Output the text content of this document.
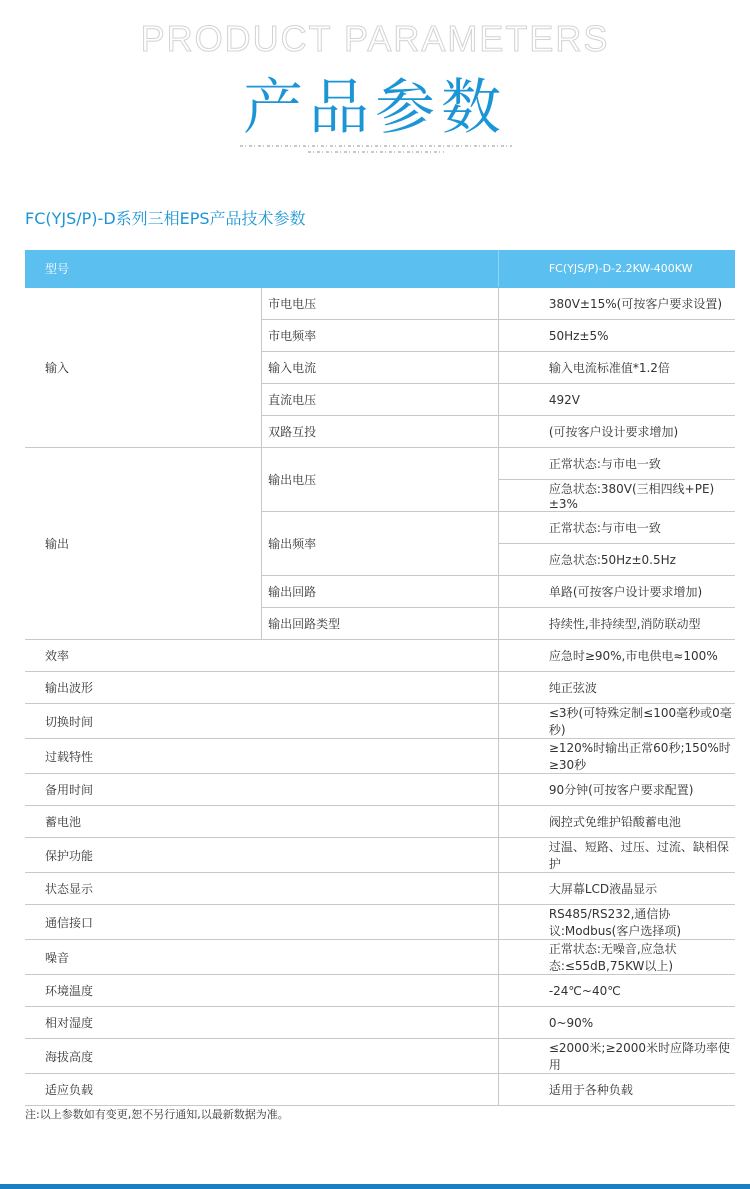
PRODUCT PARAMETERS
产品参数
FC(YJS/P)-D系列三相EPS产品技术参数
型号		FC(YJS/P)-D-2.2KW-400KW
输入	市电电压	380V±15%(可按客户要求设置)
	市电频率	50Hz±5%
	输入电流	输入电流标准值*1.2倍
	直流电压	492V
	双路互投	(可按客户设计要求增加)
输出	输出电压	正常状态:与市电一致
		应急状态:380V(三相四线+PE)±3%
	输出频率	正常状态:与市电一致
		应急状态:50Hz±0.5Hz
	输出回路	单路(可按客户设计要求增加)
	输出回路类型	持续性,非持续型,消防联动型
效率		应急时≥90%,市电供电≈100%
输出波形		纯正弦波
切换时间		≤3秒(可特殊定制≤100毫秒或0毫秒)
过载特性		≥120%时输出正常60秒;150%时≥30秒
备用时间		90分钟(可按客户要求配置)
蓄电池		阀控式免维护铅酸蓄电池
保护功能		过温、短路、过压、过流、缺相保护
状态显示		大屏幕LCD液晶显示
通信接口		RS485/RS232,通信协议:Modbus(客户选择项)
噪音		正常状态:无噪音,应急状态:≤55dB,75KW以上)
环境温度		-24℃~40℃
相对湿度		0~90%
海拔高度		≤2000米;≥2000米时应降功率使用
适应负载		适用于各种负载
注:以上参数如有变更,恕不另行通知,以最新数据为准。
